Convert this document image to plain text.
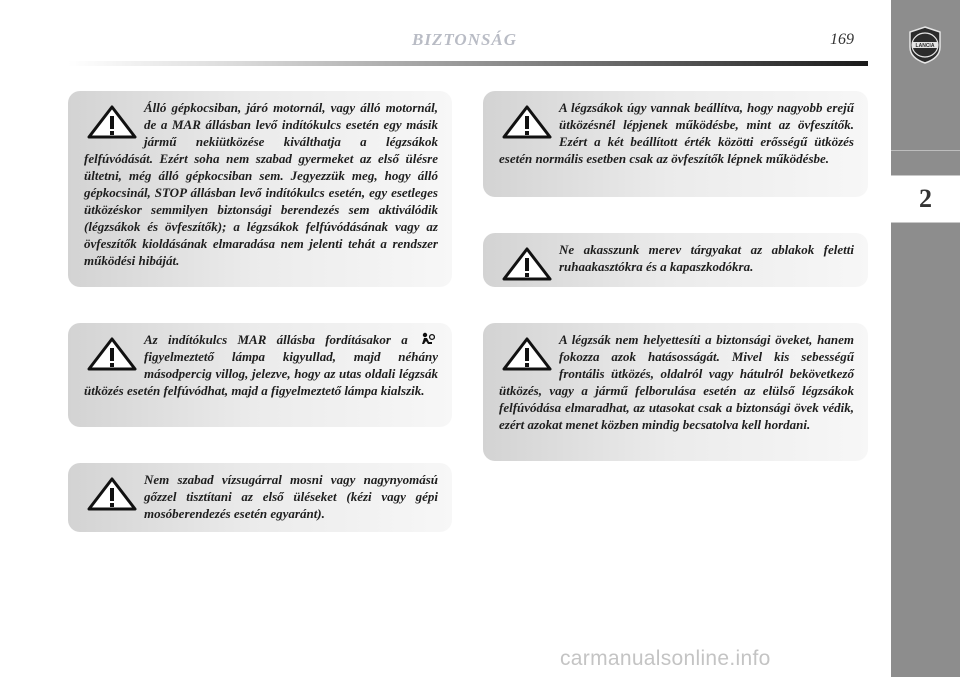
BIZTONSÁG	169	LANCIA
2
Álló gépkocsiban, járó motornál, vagy álló motornál, de a MAR állásban levő indítókulcs esetén egy másik jármű nekiütközése kiválthatja a légzsákok felfúvódását. Ezért soha nem szabad gyermeket az első ülésre ültetni, még álló gépkocsiban sem. Jegyezzük meg, hogy álló gépkocsinál, STOP állásban levő indítókulcs esetén, egy esetleges ütközéskor semmilyen biztonsági berendezés sem aktiválódik (légzsákok és övfeszítők); a légzsákok felfúvódásának vagy az övfeszítők kioldásának elmaradása nem jelenti tehát a rendszer működési hibáját.
Az indítókulcs MAR állásba fordításakor a  figyelmeztető lámpa kigyullad, majd néhány másodpercig villog, jelezve, hogy az utas oldali légzsák ütközés esetén felfúvódhat, majd a figyelmeztető lámpa kialszik.
Nem szabad vízsugárral mosni vagy nagynyomású gőzzel tisztítani az első üléseket (kézi vagy gépi mosóberendezés esetén egyaránt).
A légzsákok úgy vannak beállítva, hogy nagyobb erejű ütközésnél lépjenek működésbe, mint az övfeszítők. Ezért a két beállított érték közötti erősségű ütközés esetén normális esetben csak az övfeszítők lépnek működésbe.
Ne akasszunk merev tárgyakat az ablakok feletti ruhaakasztókra és a kapaszkodókra.
A légzsák nem helyettesíti a biztonsági öveket, hanem fokozza azok hatásosságát. Mivel kis sebességű frontális ütközés, oldalról vagy hátulról bekövetkező ütközés, vagy a jármű felborulása esetén az elülső légzsákok felfúvódása elmaradhat, az utasokat csak a biztonsági övek védik, ezért azokat menet közben mindig becsatolva kell hordani.
carmanualsonline.info
